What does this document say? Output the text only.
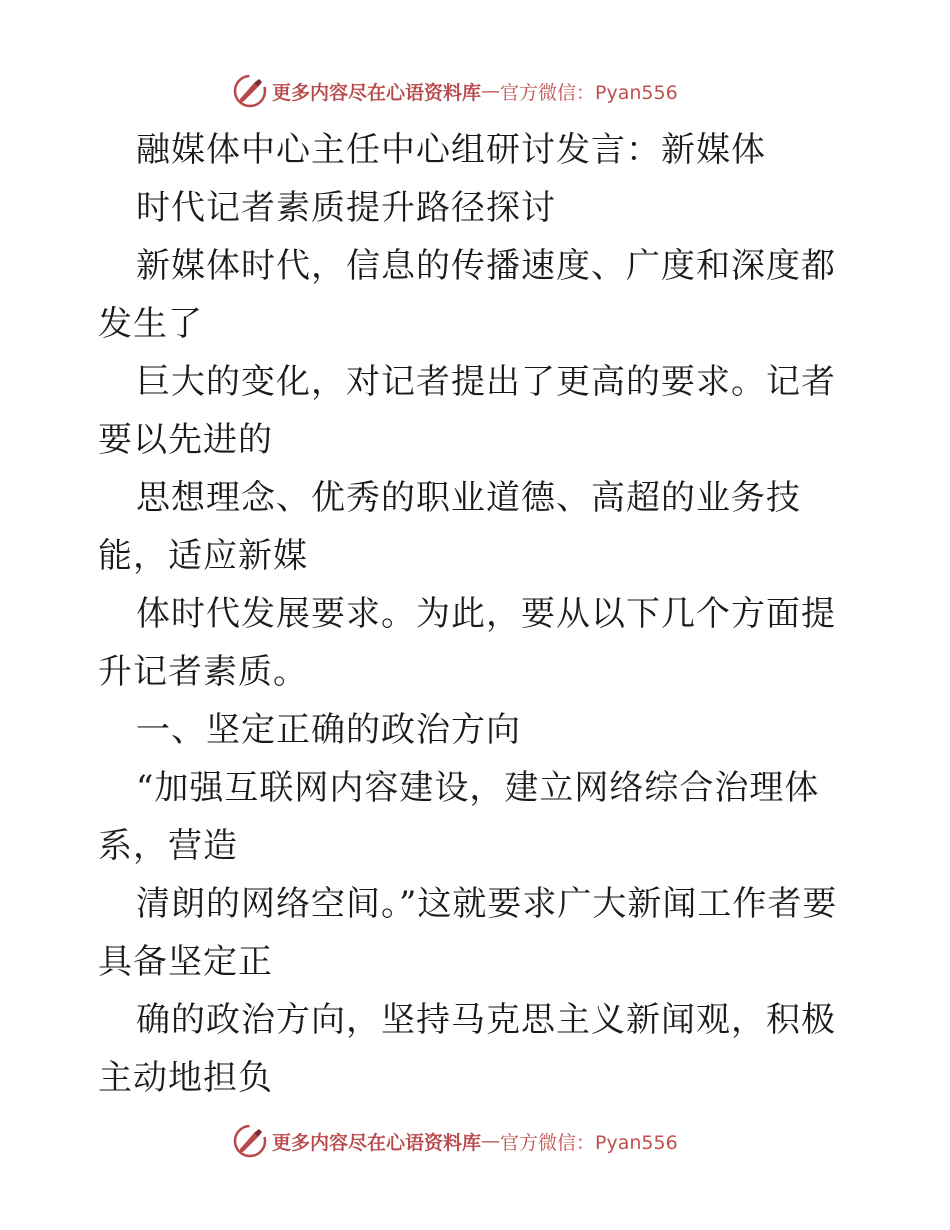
更多内容尽在心语资料库 — 官方微信：Pyan556

融媒体中心主任中心组研讨发言：新媒体

时代记者素质提升路径探讨

新媒体时代，信息的传播速度、广度和深度都发生了

巨大的变化，对记者提出了更高的要求。记者要以先进的

思想理念、优秀的职业道德、高超的业务技能，适应新媒

体时代发展要求。为此，要从以下几个方面提升记者素质。

一、坚定正确的政治方向

“加强互联网内容建设，建立网络综合治理体系，营造

清朗的网络空间。”这就要求广大新闻工作者要具备坚定正

确的政治方向，坚持马克思主义新闻观，积极主动地担负

更多内容尽在心语资料库 — 官方微信：Pyan556
